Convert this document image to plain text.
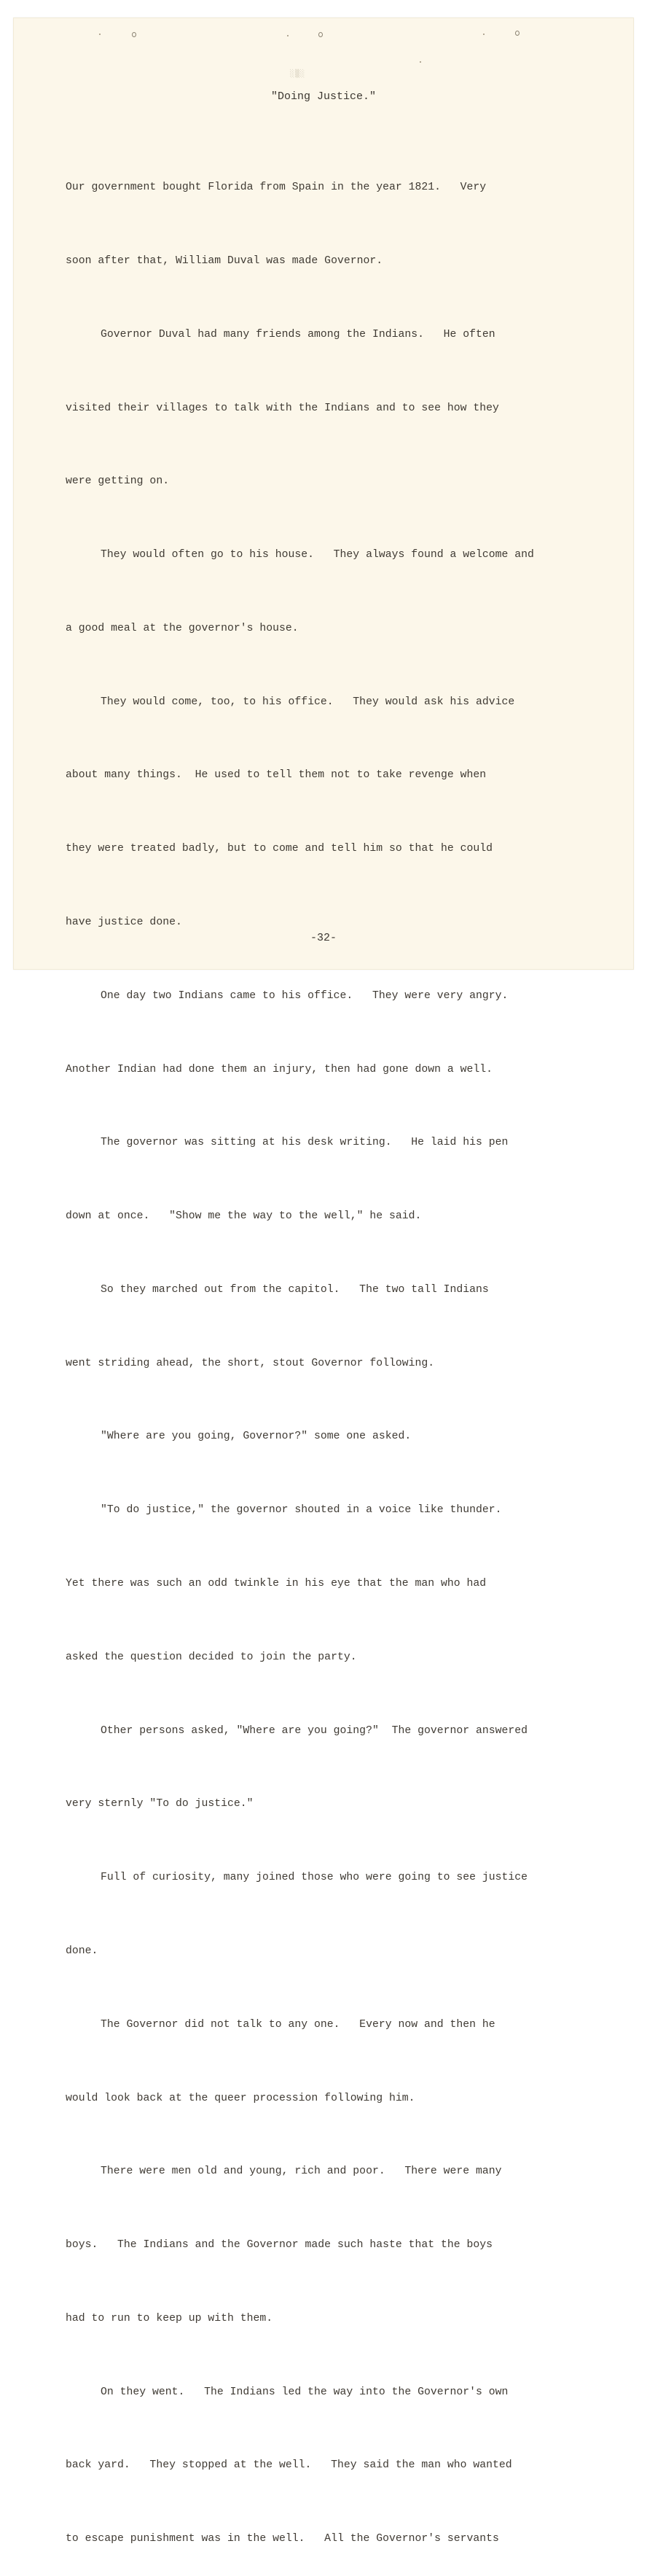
░▒░
"Doing Justice."

Our government bought Florida from Spain in the year 1821.   Very

soon after that, William Duval was made Governor.

Governor Duval had many friends among the Indians.   He often

visited their villages to talk with the Indians and to see how they

were getting on.

They would often go to his house.   They always found a welcome and

a good meal at the governor's house.

They would come, too, to his office.   They would ask his advice

about many things.  He used to tell them not to take revenge when

they were treated badly, but to come and tell him so that he could

have justice done.

One day two Indians came to his office.   They were very angry.

Another Indian had done them an injury, then had gone down a well.

The governor was sitting at his desk writing.   He laid his pen

down at once.   "Show me the way to the well," he said.

So they marched out from the capitol.   The two tall Indians

went striding ahead, the short, stout Governor following.

"Where are you going, Governor?" some one asked.

"To do justice," the governor shouted in a voice like thunder.

Yet there was such an odd twinkle in his eye that the man who had

asked the question decided to join the party.

Other persons asked, "Where are you going?"  The governor answered

very sternly "To do justice."

Full of curiosity, many joined those who were going to see justice

done.

The Governor did not talk to any one.   Every now and then he

would look back at the queer procession following him.

There were men old and young, rich and poor.   There were many

boys.   The Indians and the Governor made such haste that the boys

had to run to keep up with them.

On they went.   The Indians led the way into the Governor's own

back yard.   They stopped at the well.   They said the man who wanted

to escape punishment was in the well.   All the Governor's servants

-32-
